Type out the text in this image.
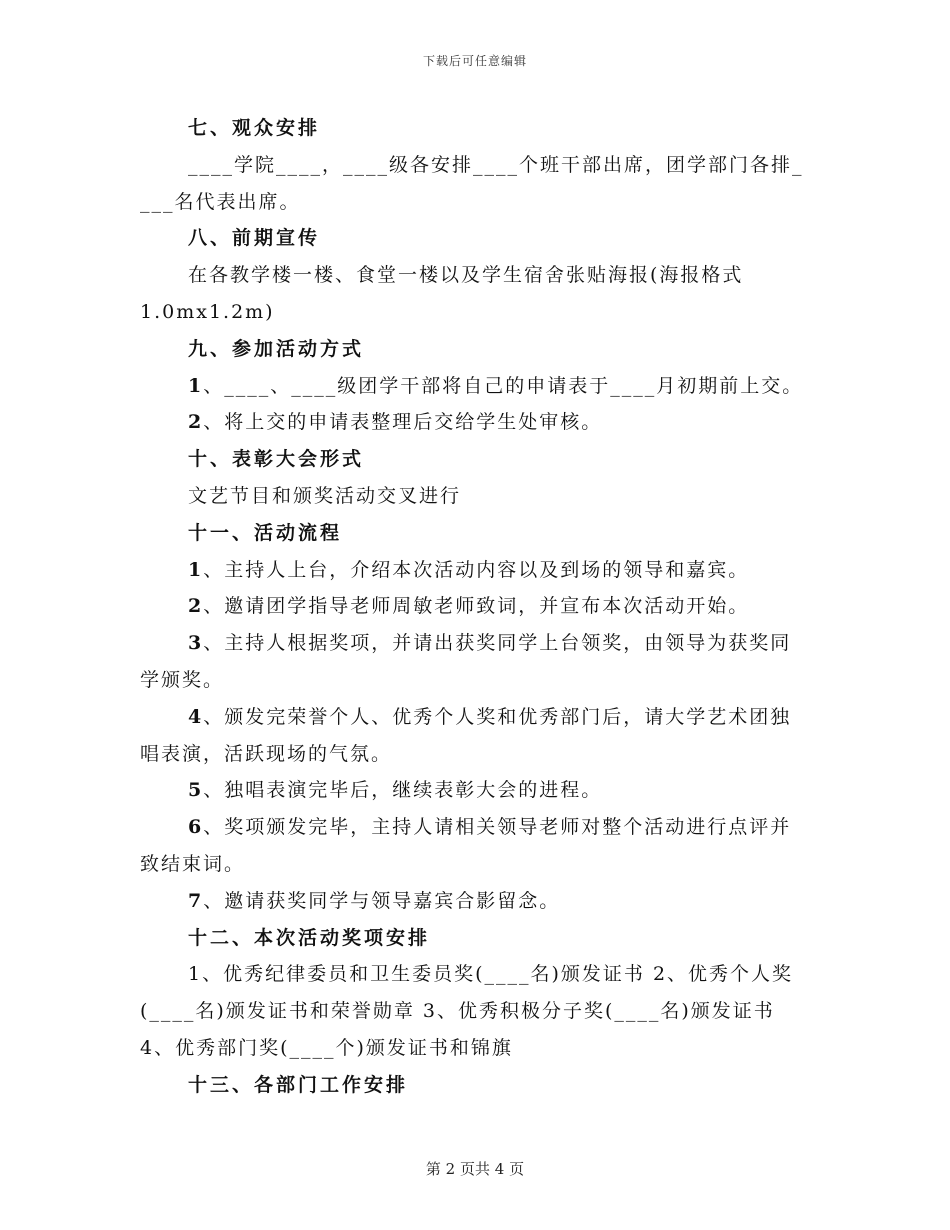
下载后可任意编辑
七、观众安排
____学院____，____级各安排____个班干部出席，团学部门各排_
___名代表出席。
八、前期宣传
在各教学楼一楼、食堂一楼以及学生宿舍张贴海报(海报格式
1.0mx1.2m)
九、参加活动方式
1、____、____级团学干部将自己的申请表于____月初期前上交。
2、将上交的申请表整理后交给学生处审核。
十、表彰大会形式
文艺节目和颁奖活动交叉进行
十一、活动流程
1、主持人上台，介绍本次活动内容以及到场的领导和嘉宾。
2、邀请团学指导老师周敏老师致词，并宣布本次活动开始。
3、主持人根据奖项，并请出获奖同学上台领奖，由领导为获奖同
学颁奖。
4、颁发完荣誉个人、优秀个人奖和优秀部门后，请大学艺术团独
唱表演，活跃现场的气氛。
5、独唱表演完毕后，继续表彰大会的进程。
6、奖项颁发完毕，主持人请相关领导老师对整个活动进行点评并
致结束词。
7、邀请获奖同学与领导嘉宾合影留念。
十二、本次活动奖项安排
1、优秀纪律委员和卫生委员奖(____名)颁发证书 2、优秀个人奖
(____名)颁发证书和荣誉勋章 3、优秀积极分子奖(____名)颁发证书
4、优秀部门奖(____个)颁发证书和锦旗
十三、各部门工作安排
第 2 页共 4 页
